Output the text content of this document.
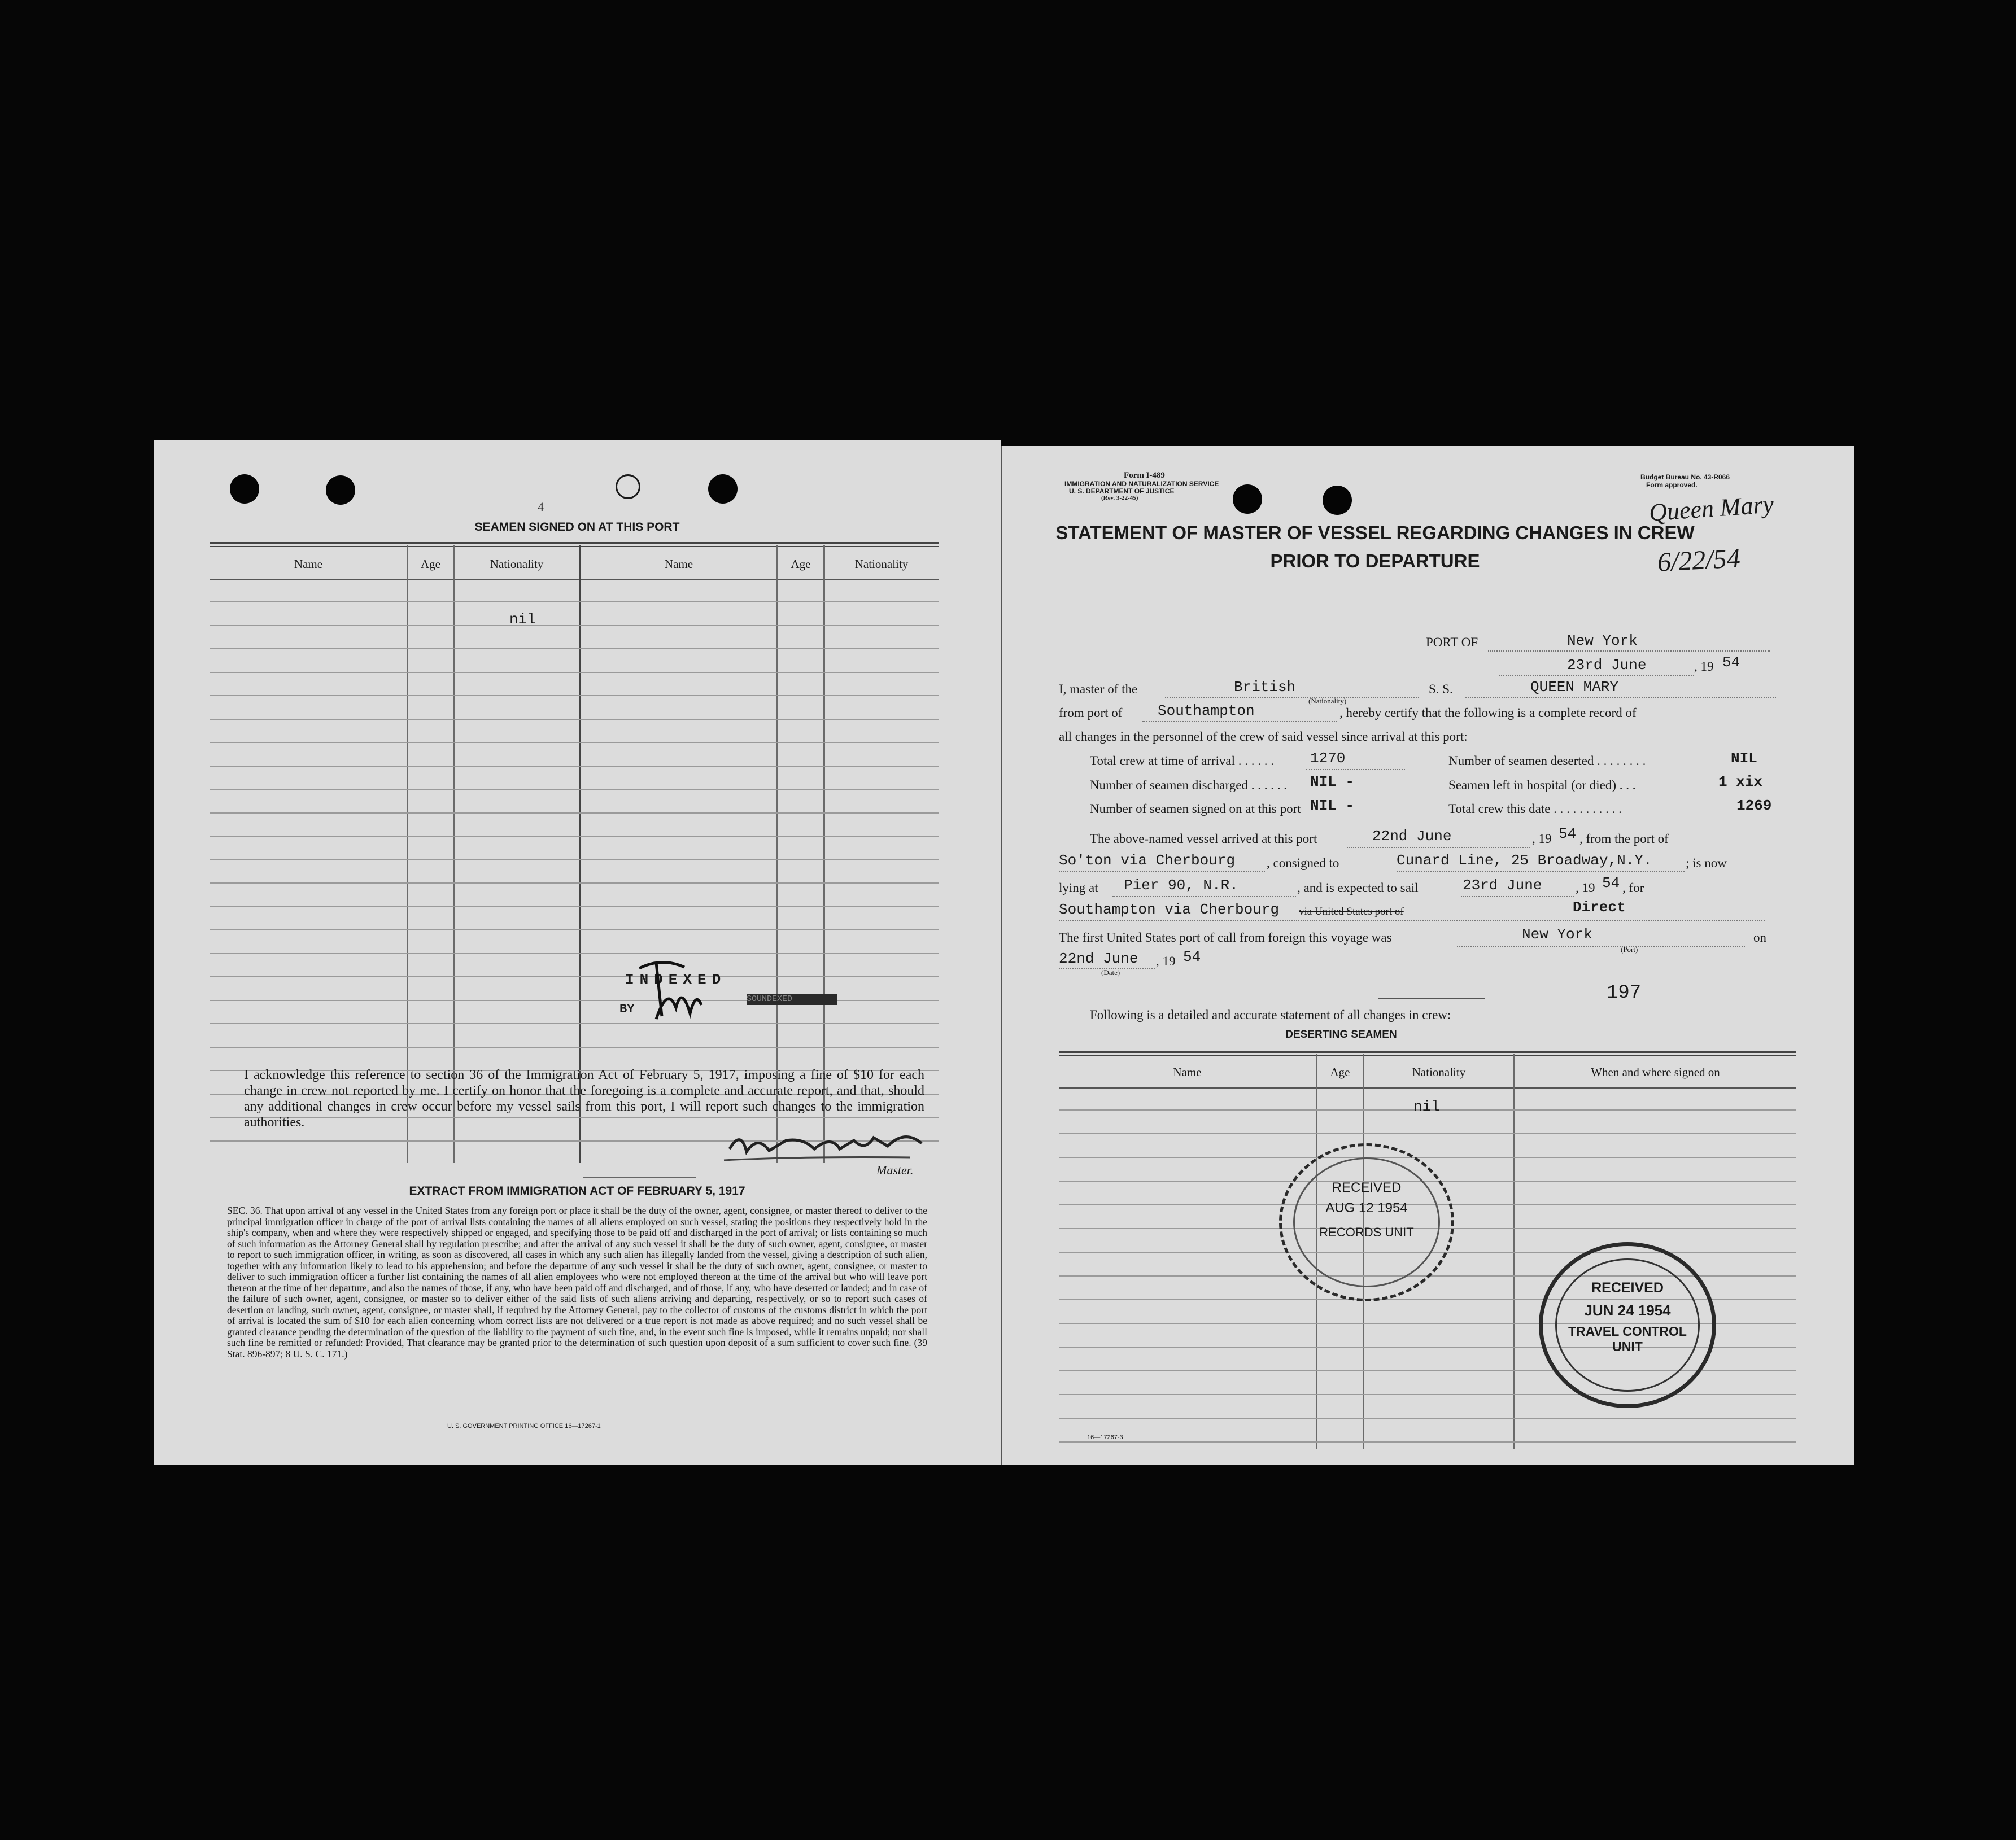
4
SEAMEN SIGNED ON AT THIS PORT
Name	Age	Nationality	Name	Age	Nationality
nil
INDEXED
BY
SOUNDEXED
I acknowledge this reference to section 36 of the Immigration Act of February 5, 1917, imposing a fine of $10 for each change in crew not reported by me. I certify on honor that the foregoing is a complete and accurate report, and that, should any additional changes in crew occur before my vessel sails from this port, I will report such changes to the immigration authorities.
Master.
EXTRACT FROM IMMIGRATION ACT OF FEBRUARY 5, 1917
SEC. 36. That upon arrival of any vessel in the United States from any foreign port or place it shall be the duty of the owner, agent, consignee, or master thereof to deliver to the principal immigration officer in charge of the port of arrival lists containing the names of all aliens employed on such vessel, stating the positions they respectively hold in the ship's company, when and where they were respectively shipped or engaged, and specifying those to be paid off and discharged in the port of arrival; or lists containing so much of such information as the Attorney General shall by regulation prescribe; and after the arrival of any such vessel it shall be the duty of such owner, agent, consignee, or master to report to such immigration officer, in writing, as soon as discovered, all cases in which any such alien has illegally landed from the vessel, giving a description of such alien, together with any information likely to lead to his apprehension; and before the departure of any such vessel it shall be the duty of such owner, agent, consignee, or master to deliver to such immigration officer a further list containing the names of all alien employees who were not employed thereon at the time of the arrival but who will leave port thereon at the time of her departure, and also the names of those, if any, who have been paid off and discharged, and of those, if any, who have deserted or landed; and in case of the failure of such owner, agent, consignee, or master so to deliver either of the said lists of such aliens arriving and departing, respectively, or so to report such cases of desertion or landing, such owner, agent, consignee, or master shall, if required by the Attorney General, pay to the collector of customs of the customs district in which the port of arrival is located the sum of $10 for each alien concerning whom correct lists are not delivered or a true report is not made as above required; and no such vessel shall be granted clearance pending the determination of the question of the liability to the payment of such fine, and, in the event such fine is imposed, while it remains unpaid; nor shall such fine be remitted or refunded: Provided, That clearance may be granted prior to the determination of such question upon deposit of a sum sufficient to cover such fine. (39 Stat. 896-897; 8 U. S. C. 171.)
U. S. GOVERNMENT PRINTING OFFICE 16—17267-1
Form I-489
IMMIGRATION AND NATURALIZATION SERVICE
U. S. DEPARTMENT OF JUSTICE
(Rev. 3-22-45)
Budget Bureau No. 43-R066
Form approved.
Queen Mary
6/22/54
STATEMENT OF MASTER OF VESSEL REGARDING CHANGES IN CREW
PRIOR TO DEPARTURE
PORT OF	New York
23rd June	, 19 54
I, master of the	British
(Nationality)
S. S.	QUEEN MARY
from port of Southampton	, hereby certify that the following is a complete record of
all changes in the personnel of the crew of said vessel since arrival at this port:
Total crew at time of arrival . . . . . . 1270	Number of seamen deserted . . . . . . . .	NIL
Number of seamen discharged . . . . . . NIL -	Seamen left in hospital (or died) . . .	1 xix
Number of seamen signed on at this port NIL -	Total crew this date . . . . . . . . . . .	1269
The above-named vessel arrived at this port	22nd June	, 19 54 , from the port of
So'ton via Cherbourg , consigned to	Cunard Line, 25 Broadway,N.Y.	; is now
lying at Pier 90, N.R.	, and is expected to sail	23rd June	, 19 54 , for
Southampton via Cherbourg via United States port of	Direct
The first United States port of call from foreign this voyage was	New York
(Port)
on
22nd June
(Date)
, 19 54
197
Following is a detailed and accurate statement of all changes in crew:
DESERTING SEAMEN
Name	Age	Nationality	When and where signed on
nil
RECEIVED
AUG 12 1954
RECORDS UNIT
RECEIVED
JUN 24 1954
TRAVEL CONTROL
UNIT
16—17267-3
